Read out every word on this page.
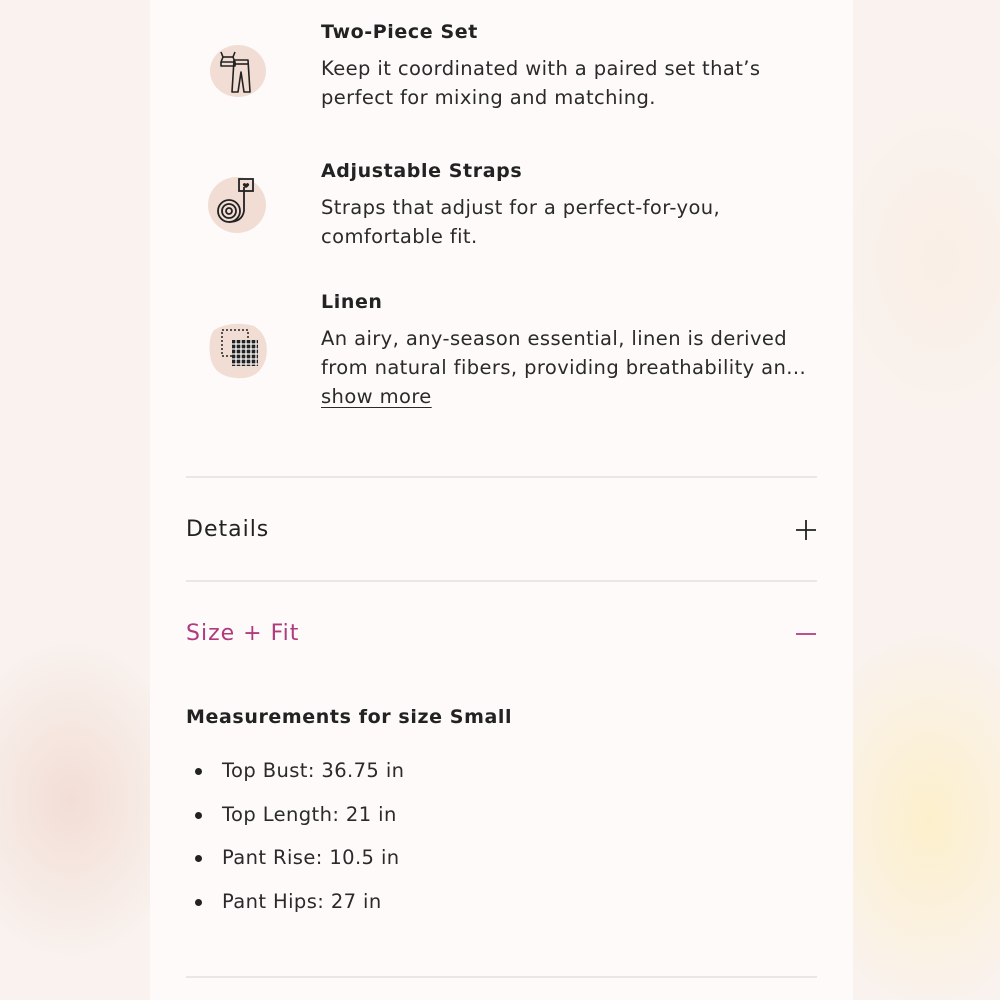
Two-Piece Set
Keep it coordinated with a paired set that’s
perfect for mixing and matching.
Adjustable Straps
Straps that adjust for a perfect-for-you,
comfortable fit.
Linen
An airy, any-season essential, linen is derived
from natural fibers, providing breathability an...
show more
Details
Size + Fit
Measurements for size Small
Top Bust: 36.75 in
Top Length: 21 in
Pant Rise: 10.5 in
Pant Hips: 27 in
